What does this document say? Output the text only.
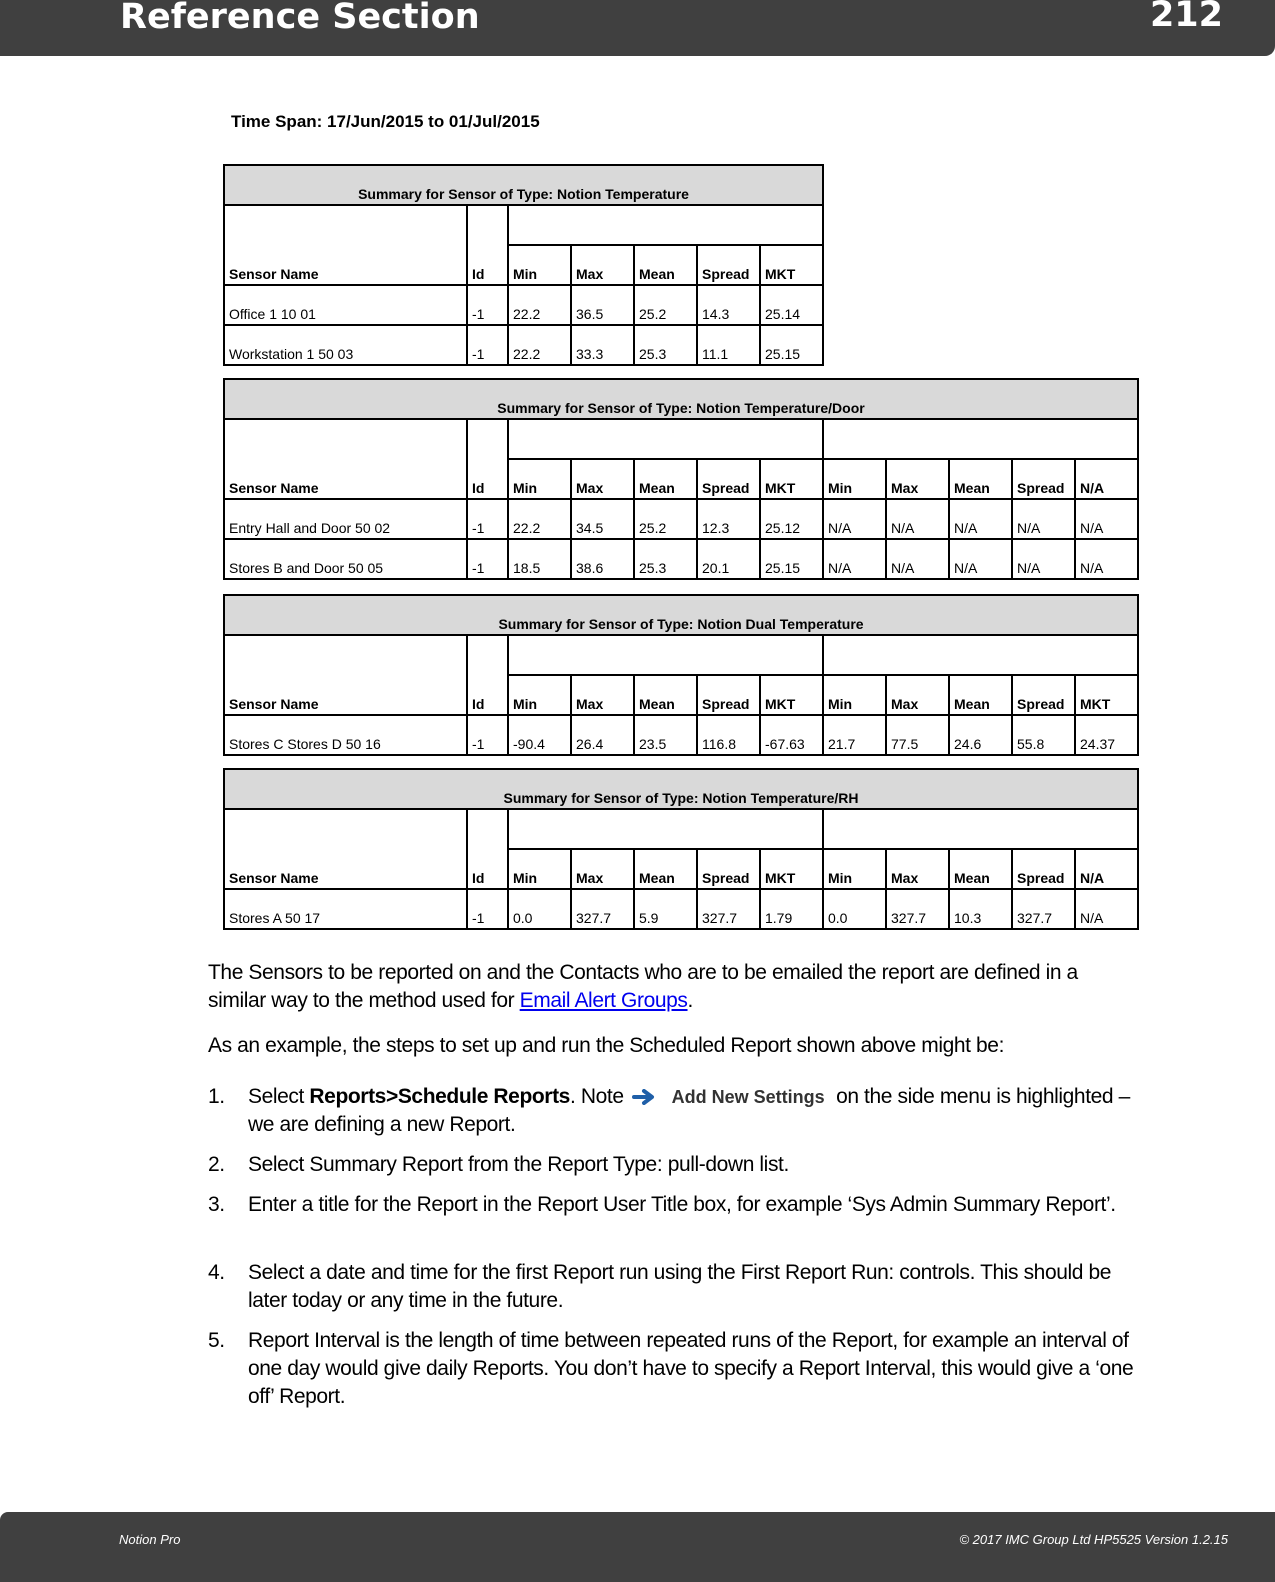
Reference Section	212
Time Span: 17/Jun/2015 to 01/Jul/2015
Summary for Sensor of Type: Notion Temperature						
Sensor Name	Id					
		Min	Max	Mean	Spread	MKT
Office 1 10 01	-1	22.2	36.5	25.2	14.3	25.14
Workstation 1 50 03	-1	22.2	33.3	25.3	11.1	25.15
Summary for Sensor of Type: Notion Temperature/Door											
Sensor Name	Id										
		Min	Max	Mean	Spread	MKT	Min	Max	Mean	Spread	N/A
Entry Hall and Door 50 02	-1	22.2	34.5	25.2	12.3	25.12	N/A	N/A	N/A	N/A	N/A
Stores B and Door 50 05	-1	18.5	38.6	25.3	20.1	25.15	N/A	N/A	N/A	N/A	N/A
Summary for Sensor of Type: Notion Dual Temperature											
Sensor Name	Id										
		Min	Max	Mean	Spread	MKT	Min	Max	Mean	Spread	MKT
Stores C Stores D 50 16	-1	-90.4	26.4	23.5	116.8	-67.63	21.7	77.5	24.6	55.8	24.37
Summary for Sensor of Type: Notion Temperature/RH											
Sensor Name	Id										
		Min	Max	Mean	Spread	MKT	Min	Max	Mean	Spread	N/A
Stores A 50 17	-1	0.0	327.7	5.9	327.7	1.79	0.0	327.7	10.3	327.7	N/A
The Sensors to be reported on and the Contacts who are to be emailed the report are defined in a similar way to the method used for Email Alert Groups.
As an example, the steps to set up and run the Scheduled Report shown above might be:
1. Select Reports>Schedule Reports. Note	Add New Settings on the side menu is highlighted – we are defining a new Report.
2. Select Summary Report from the Report Type: pull-down list.
3. Enter a title for the Report in the Report User Title box, for example ‘Sys Admin Summary Report’.
4. Select a date and time for the first Report run using the First Report Run: controls. This should be later today or any time in the future.
5. Report Interval is the length of time between repeated runs of the Report, for example an interval of one day would give daily Reports. You don’t have to specify a Report Interval, this would give a ‘one off’ Report.
Notion Pro	© 2017 IMC Group Ltd HP5525 Version 1.2.15
